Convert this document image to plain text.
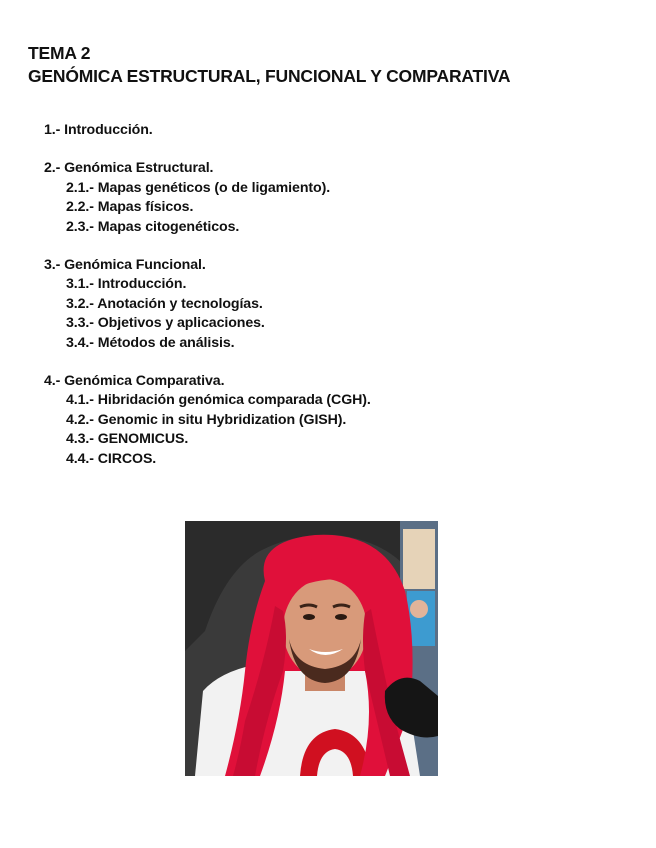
TEMA 2
GENÓMICA ESTRUCTURAL, FUNCIONAL Y COMPARATIVA
1.- Introducción.
2.- Genómica Estructural.
2.1.- Mapas genéticos (o de ligamiento).
2.2.- Mapas físicos.
2.3.- Mapas citogenéticos.
3.- Genómica Funcional.
3.1.- Introducción.
3.2.- Anotación y tecnologías.
3.3.- Objetivos y aplicaciones.
3.4.- Métodos de análisis.
4.- Genómica Comparativa.
4.1.- Hibridación genómica comparada (CGH).
4.2.- Genomic in situ Hybridization (GISH).
4.3.- GENOMICUS.
4.4.- CIRCOS.
